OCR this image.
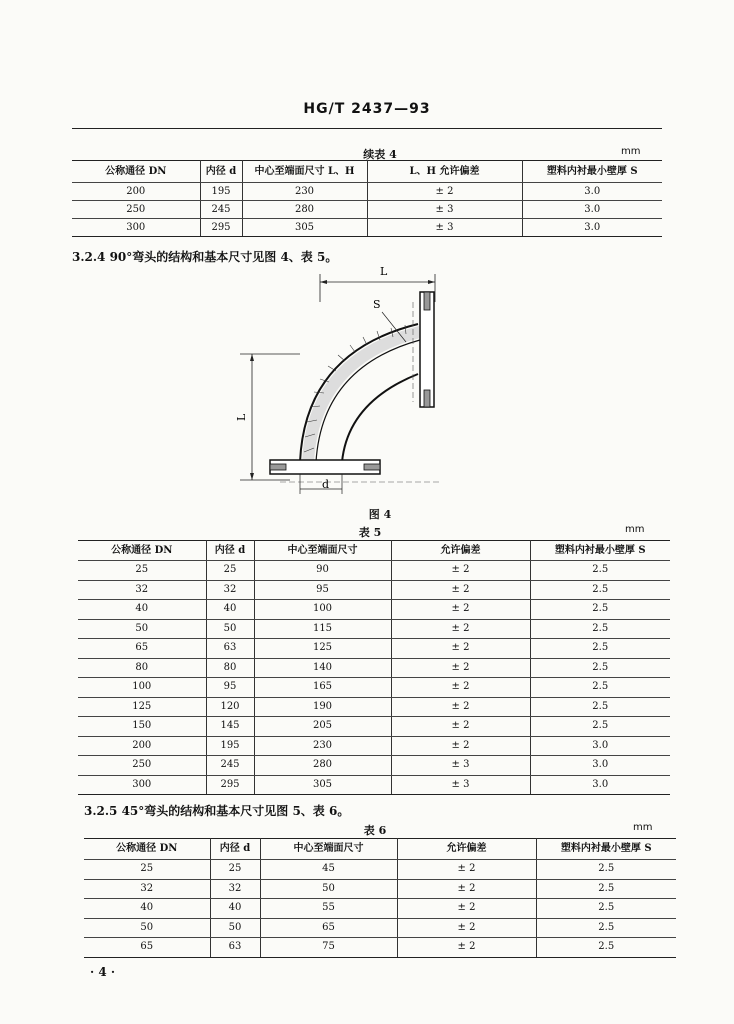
HG/T 2437—93
续表 4	mm
公称通径 DN	内径 d	中心至端面尺寸 L、H	L、H 允许偏差	塑料内衬最小壁厚 S
200	195	230	± 2	3.0
250	245	280	± 3	3.0
300	295	305	± 3	3.0
3.2.4 90°弯头的结构和基本尺寸见图 4、表 5。
L
L
S
d
图 4
表 5	mm
公称通径 DN	内径 d	中心至端面尺寸	允许偏差	塑料内衬最小壁厚 S
25	25	90	± 2	2.5
32	32	95	± 2	2.5
40	40	100	± 2	2.5
50	50	115	± 2	2.5
65	63	125	± 2	2.5
80	80	140	± 2	2.5
100	95	165	± 2	2.5
125	120	190	± 2	2.5
150	145	205	± 2	2.5
200	195	230	± 2	3.0
250	245	280	± 3	3.0
300	295	305	± 3	3.0
3.2.5 45°弯头的结构和基本尺寸见图 5、表 6。
表 6	mm
公称通径 DN	内径 d	中心至端面尺寸	允许偏差	塑料内衬最小壁厚 S
25	25	45	± 2	2.5
32	32	50	± 2	2.5
40	40	55	± 2	2.5
50	50	65	± 2	2.5
65	63	75	± 2	2.5
· 4 ·
